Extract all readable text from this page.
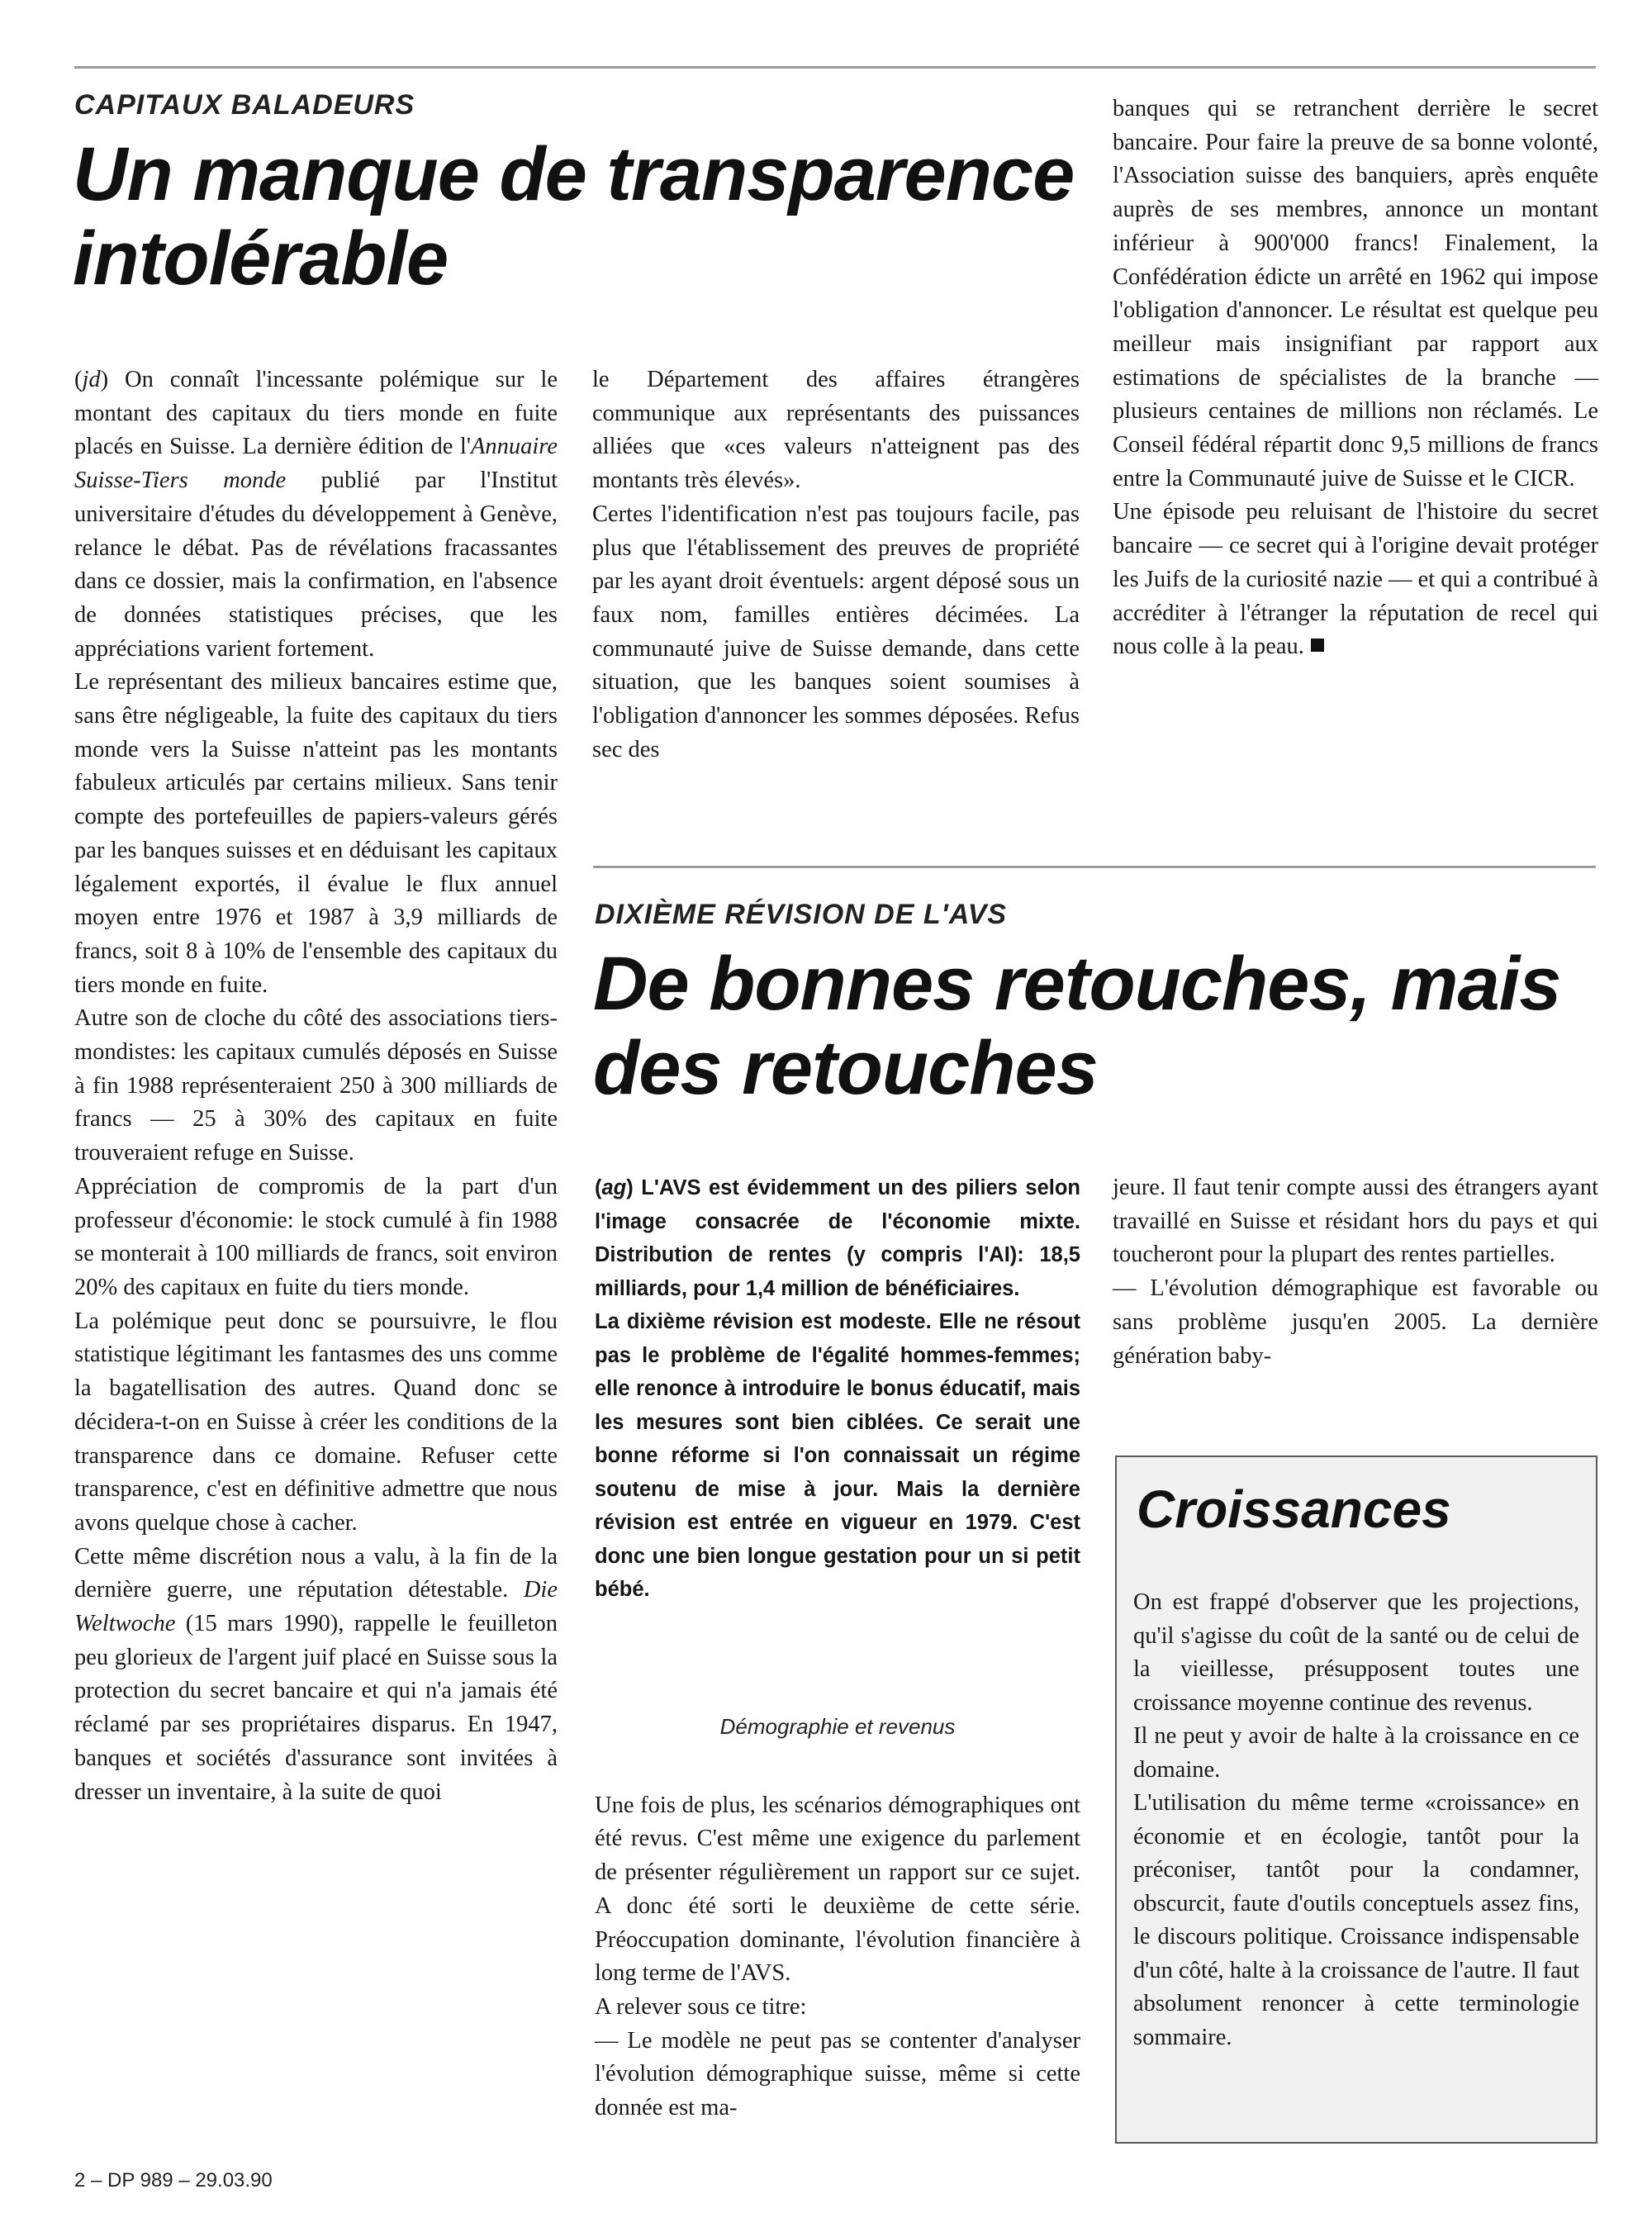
CAPITAUX BALADEURS
Un manque de transparence
intolérable

(jd) On connaît l'incessante polémique sur le montant des capitaux du tiers monde en fuite placés en Suisse. La dernière édition de l'Annuaire Suisse-Tiers monde publié par l'Institut universitaire d'études du développement à Genève, relance le débat. Pas de révélations fracassantes dans ce dossier, mais la confirmation, en l'absence de données statistiques précises, que les appréciations varient fortement.

Le représentant des milieux bancaires estime que, sans être négligeable, la fuite des capitaux du tiers monde vers la Suisse n'atteint pas les montants fabuleux articulés par certains milieux. Sans tenir compte des portefeuilles de papiers-valeurs gérés par les banques suisses et en déduisant les capitaux légalement exportés, il évalue le flux annuel moyen entre 1976 et 1987 à 3,9 milliards de francs, soit 8 à 10% de l'ensemble des capitaux du tiers monde en fuite.

Autre son de cloche du côté des associations tiers-mondistes: les capitaux cumulés déposés en Suisse à fin 1988 représenteraient 250 à 300 milliards de francs — 25 à 30% des capitaux en fuite trouveraient refuge en Suisse.

Appréciation de compromis de la part d'un professeur d'économie: le stock cumulé à fin 1988 se monterait à 100 milliards de francs, soit environ 20% des capitaux en fuite du tiers monde.

La polémique peut donc se poursuivre, le flou statistique légitimant les fantasmes des uns comme la bagatellisation des autres. Quand donc se décidera-t-on en Suisse à créer les conditions de la transparence dans ce domaine. Refuser cette transparence, c'est en définitive admettre que nous avons quelque chose à cacher.

Cette même discrétion nous a valu, à la fin de la dernière guerre, une réputation détestable. Die Weltwoche (15 mars 1990), rappelle le feuilleton peu glorieux de l'argent juif placé en Suisse sous la protection du secret bancaire et qui n'a jamais été réclamé par ses propriétaires disparus. En 1947, banques et sociétés d'assurance sont invitées à dresser un inventaire, à la suite de quoi

le Département des affaires étrangères communique aux représentants des puissances alliées que «ces valeurs n'atteignent pas des montants très élevés».

Certes l'identification n'est pas toujours facile, pas plus que l'établissement des preuves de propriété par les ayant droit éventuels: argent déposé sous un faux nom, familles entières décimées. La communauté juive de Suisse demande, dans cette situation, que les banques soient soumises à l'obligation d'annoncer les sommes déposées. Refus sec des

banques qui se retranchent derrière le secret bancaire. Pour faire la preuve de sa bonne volonté, l'Association suisse des banquiers, après enquête auprès de ses membres, annonce un montant inférieur à 900'000 francs! Finalement, la Confédération édicte un arrêté en 1962 qui impose l'obligation d'annoncer. Le résultat est quelque peu meilleur mais insignifiant par rapport aux estimations de spécialistes de la branche — plusieurs centaines de millions non réclamés. Le Conseil fédéral répartit donc 9,5 millions de francs entre la Communauté juive de Suisse et le CICR.

Une épisode peu reluisant de l'histoire du secret bancaire — ce secret qui à l'origine devait protéger les Juifs de la curiosité nazie — et qui a contribué à accréditer à l'étranger la réputation de recel qui nous colle à la peau.

DIXIÈME RÉVISION DE L'AVS
De bonnes retouches, mais
des retouches

(ag) L'AVS est évidemment un des piliers selon l'image consacrée de l'économie mixte. Distribution de rentes (y compris l'AI): 18,5 milliards, pour 1,4 million de bénéficiaires.

La dixième révision est modeste. Elle ne résout pas le problème de l'égalité hommes-femmes; elle renonce à introduire le bonus éducatif, mais les mesures sont bien ciblées. Ce serait une bonne réforme si l'on connaissait un régime soutenu de mise à jour. Mais la dernière révision est entrée en vigueur en 1979. C'est donc une bien longue gestation pour un si petit bébé.

Démographie et revenus

Une fois de plus, les scénarios démographiques ont été revus. C'est même une exigence du parlement de présenter régulièrement un rapport sur ce sujet. A donc été sorti le deuxième de cette série. Préoccupation dominante, l'évolution financière à long terme de l'AVS.

A relever sous ce titre:

— Le modèle ne peut pas se contenter d'analyser l'évolution démographique suisse, même si cette donnée est ma-

jeure. Il faut tenir compte aussi des étrangers ayant travaillé en Suisse et résidant hors du pays et qui toucheront pour la plupart des rentes partielles.

— L'évolution démographique est favorable ou sans problème jusqu'en 2005. La dernière génération baby-

Croissances

On est frappé d'observer que les projections, qu'il s'agisse du coût de la santé ou de celui de la vieillesse, présupposent toutes une croissance moyenne continue des revenus.

Il ne peut y avoir de halte à la croissance en ce domaine.

L'utilisation du même terme «croissance» en économie et en écologie, tantôt pour la préconiser, tantôt pour la condamner, obscurcit, faute d'outils conceptuels assez fins, le discours politique. Croissance indispensable d'un côté, halte à la croissance de l'autre. Il faut absolument renoncer à cette terminologie sommaire.

2 – DP 989 – 29.03.90
